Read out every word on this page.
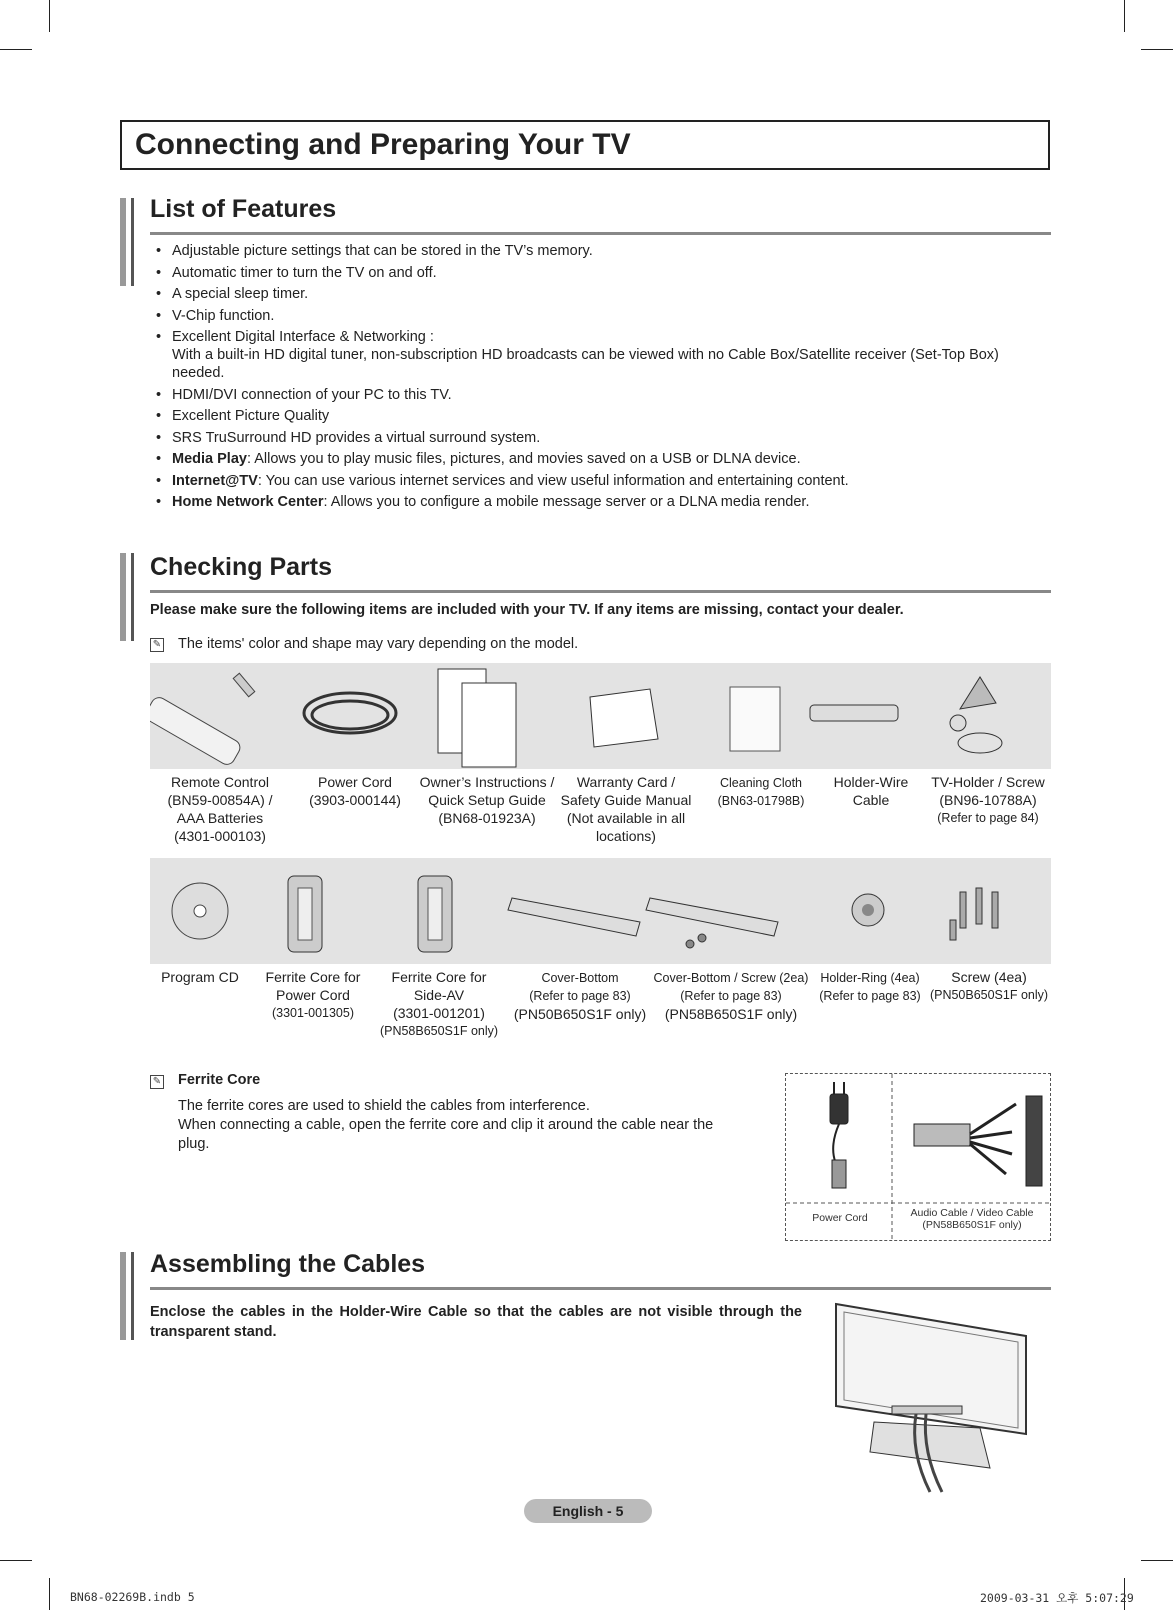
Connecting and Preparing Your TV
List of Features
• Adjustable picture settings that can be stored in the TV’s memory.
• Automatic timer to turn the TV on and off.
• A special sleep timer.
• V-Chip function.
• Excellent Digital Interface & Networking :
With a built-in HD digital tuner, non-subscription HD broadcasts can be viewed with no Cable Box/Satellite receiver (Set-Top Box) needed.
• HDMI/DVI connection of your PC to this TV.
• Excellent Picture Quality
• SRS TruSurround HD provides a virtual surround system.
• Media Play: Allows you to play music files, pictures, and movies saved on a USB or DLNA device.
• Internet@TV: You can use various internet services and view useful information and entertaining content.
• Home Network Center: Allows you to configure a mobile message server or a DLNA media render.
Checking Parts
Please make sure the following items are included with your TV. If any items are missing, contact your dealer.
✎ The items' color and shape may vary depending on the model.
Remote Control
(BN59-00854A) /
AAA Batteries
(4301-000103)
Power Cord
(3903-000144)
Owner’s Instructions /
Quick Setup Guide
(BN68-01923A)
Warranty Card /
Safety Guide Manual
(Not available in all
locations)
Cleaning Cloth
(BN63-01798B)
Holder-Wire
Cable
TV-Holder / Screw
(BN96-10788A)
(Refer to page 84)
Program CD	Ferrite Core for
Power Cord
(3301-001305)
Ferrite Core for
Side-AV
(3301-001201)
(PN58B650S1F only)
Cover-Bottom
(Refer to page 83)
(PN50B650S1F only)
Cover-Bottom / Screw (2ea)
(Refer to page 83)
(PN58B650S1F only)
Holder-Ring (4ea)
(Refer to page 83)
Screw (4ea)
(PN50B650S1F only)
✎ Ferrite Core
The ferrite cores are used to shield the cables from interference.
When connecting a cable, open the ferrite core and clip it around the cable near the plug.
Power Cord	Audio Cable / Video Cable
(PN58B650S1F only)
Assembling the Cables
Enclose the cables in the Holder-Wire Cable so that the cables are not visible through the transparent stand.
English - 5
BN68-02269B.indb 5	2009-03-31 오후 5:07:29
